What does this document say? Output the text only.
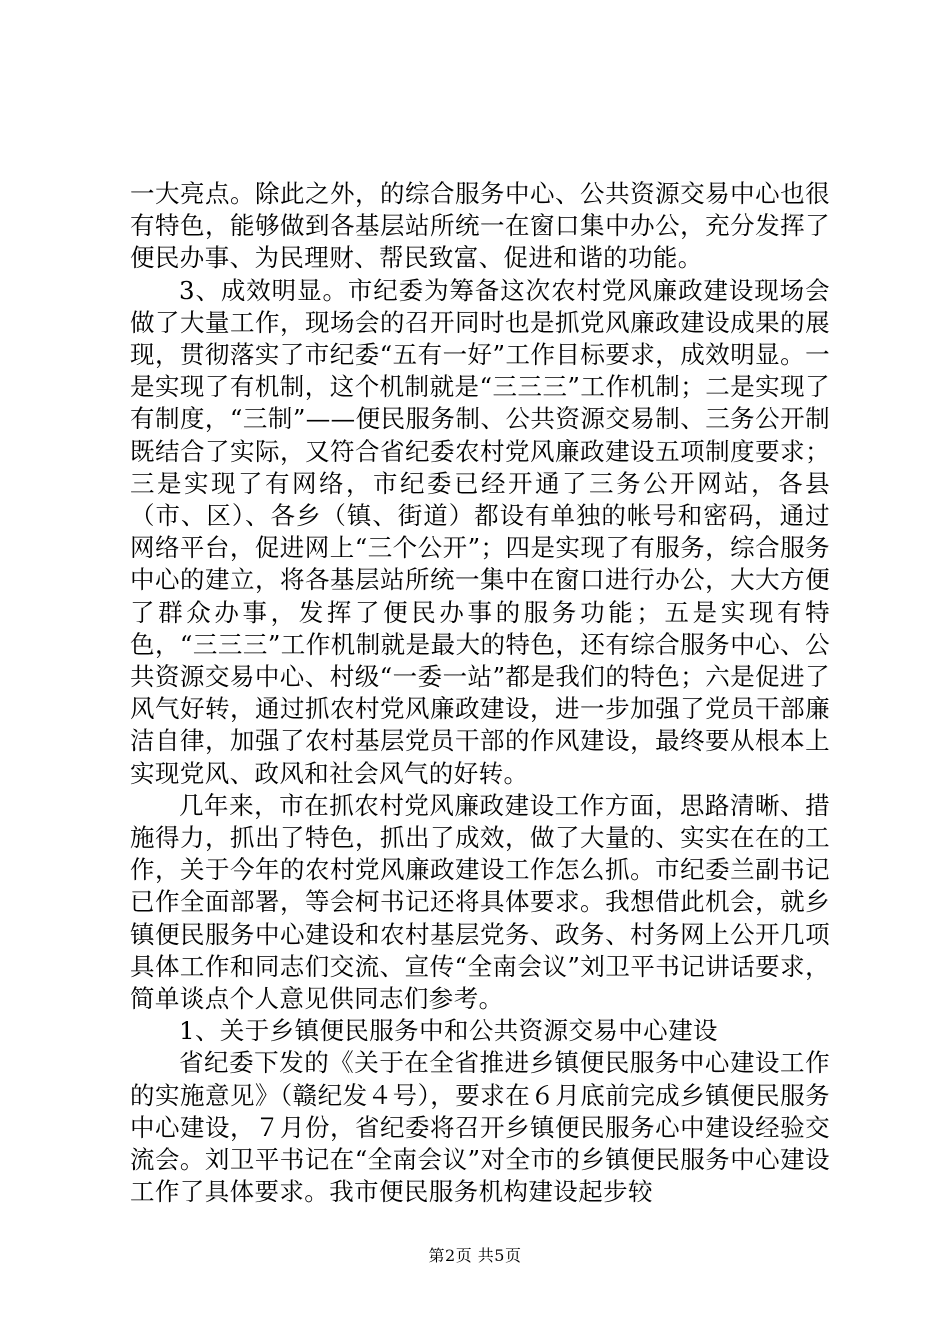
一大亮点。除此之外，的综合服务中心、公共资源交易中心也很有特色，能够做到各基层站所统一在窗口集中办公，充分发挥了便民办事、为民理财、帮民致富、促进和谐的功能。

3、成效明显。市纪委为筹备这次农村党风廉政建设现场会做了大量工作，现场会的召开同时也是抓党风廉政建设成果的展现，贯彻落实了市纪委“五有一好”工作目标要求，成效明显。一是实现了有机制，这个机制就是“三三三”工作机制；二是实现了有制度，“三制”——便民服务制、公共资源交易制、三务公开制既结合了实际，又符合省纪委农村党风廉政建设五项制度要求；三是实现了有网络，市纪委已经开通了三务公开网站，各县（市、区）、各乡（镇、街道）都设有单独的帐号和密码，通过网络平台，促进网上“三个公开”；四是实现了有服务，综合服务中心的建立，将各基层站所统一集中在窗口进行办公，大大方便了群众办事，发挥了便民办事的服务功能；五是实现有特色，“三三三”工作机制就是最大的特色，还有综合服务中心、公共资源交易中心、村级“一委一站”都是我们的特色；六是促进了风气好转，通过抓农村党风廉政建设，进一步加强了党员干部廉洁自律，加强了农村基层党员干部的作风建设，最终要从根本上实现党风、政风和社会风气的好转。

几年来，市在抓农村党风廉政建设工作方面，思路清晰、措施得力，抓出了特色，抓出了成效，做了大量的、实实在在的工作，关于今年的农村党风廉政建设工作怎么抓。市纪委兰副书记已作全面部署，等会柯书记还将具体要求。我想借此机会，就乡镇便民服务中心建设和农村基层党务、政务、村务网上公开几项具体工作和同志们交流、宣传“全南会议”刘卫平书记讲话要求，简单谈点个人意见供同志们参考。

1、关于乡镇便民服务中和公共资源交易中心建设

省纪委下发的《关于在全省推进乡镇便民服务中心建设工作的实施意见》（赣纪发４号），要求在６月底前完成乡镇便民服务中心建设，７月份，省纪委将召开乡镇便民服务心中建设经验交流会。刘卫平书记在“全南会议”对全市的乡镇便民服务中心建设工作了具体要求。我市便民服务机构建设起步较

第2页 共5页
